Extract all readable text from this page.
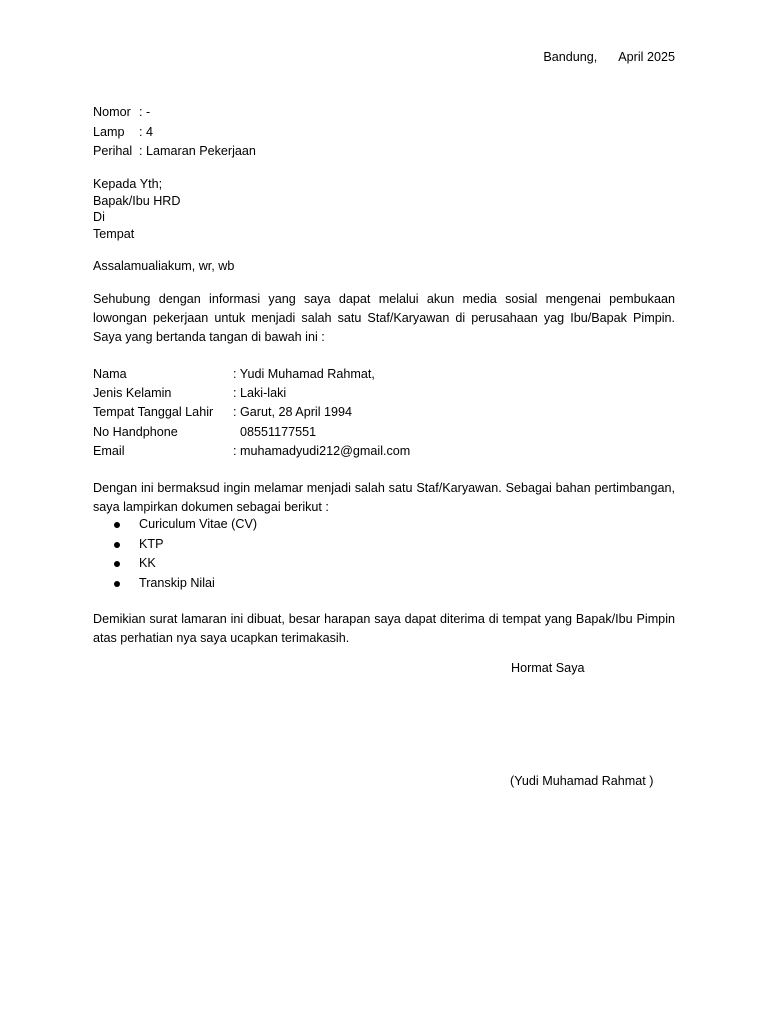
Bandung, April 2025
Nomor : -
Lamp : 4
Perihal : Lamaran Pekerjaan
Kepada Yth;
Bapak/Ibu HRD
Di
Tempat
Assalamualiakum, wr, wb
Sehubung dengan informasi yang saya dapat melalui akun media sosial mengenai pembukaan lowongan pekerjaan untuk menjadi salah satu Staf/Karyawan di perusahaan yag Ibu/Bapak Pimpin. Saya yang bertanda tangan di bawah ini :
Nama	: Yudi Muhamad Rahmat,
Jenis Kelamin	: Laki-laki
Tempat Tanggal Lahir : Garut, 28 April 1994
No Handphone	08551177551
Email	: muhamadyudi212@gmail.com
Dengan ini bermaksud ingin melamar menjadi salah satu Staf/Karyawan. Sebagai bahan pertimbangan, saya lampirkan dokumen sebagai berikut :
Curiculum Vitae (CV)
KTP
KK
Transkip Nilai
Demikian surat lamaran ini dibuat, besar harapan saya dapat diterima di tempat yang Bapak/Ibu Pimpin atas perhatian nya saya ucapkan terimakasih.
Hormat Saya
(Yudi Muhamad Rahmat )
